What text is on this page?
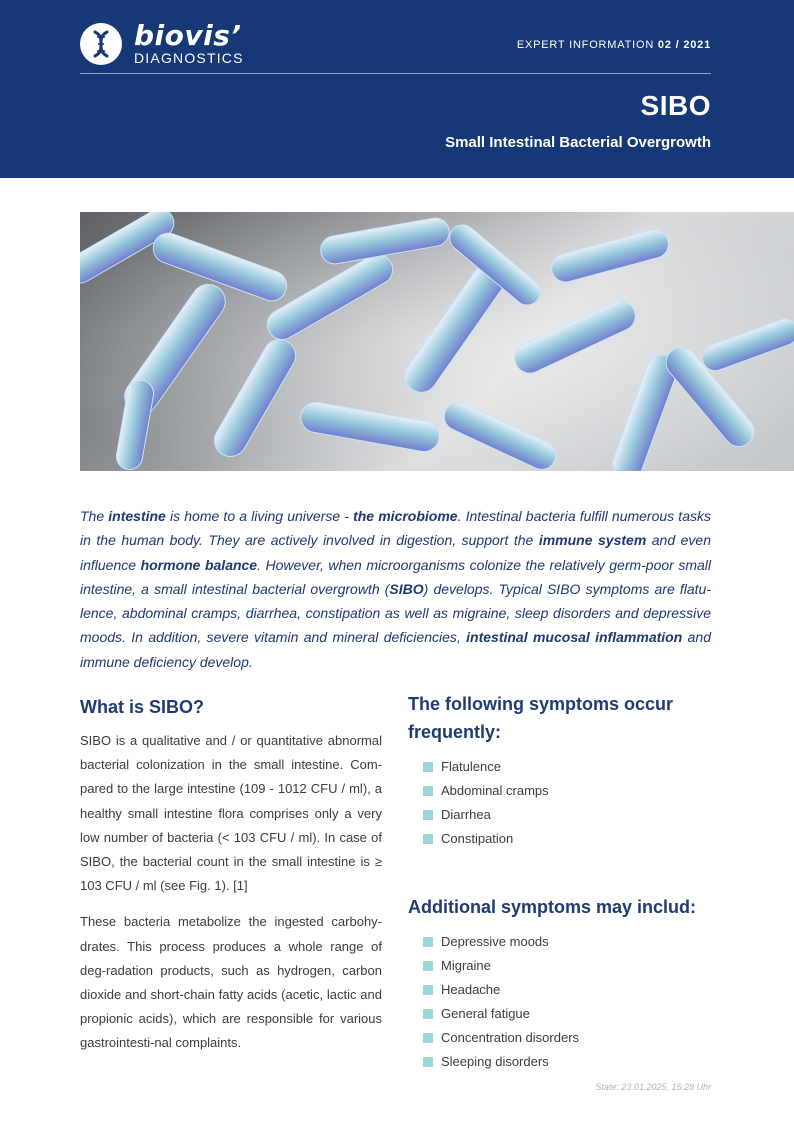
biovis’
DIAGNOSTICS
EXPERT INFORMATION 02 / 2021
SIBO
Small Intestinal Bacterial Overgrowth

The intestine is home to a living universe - the microbiome. Intestinal bacteria fulfill numerous tasks in the human body. They are actively involved in digestion, support the immune system and even influence hormone balance. However, when microorganisms colonize the relatively germ-poor small intestine, a small intestinal bacterial overgrowth (SIBO) develops. Typical SIBO symptoms are flatu-lence, abdominal cramps, diarrhea, constipation as well as migraine, sleep disorders and depressive moods. In addition, severe vitamin and mineral deficiencies, intestinal mucosal inflammation and immune deficiency develop.

What is SIBO?

SIBO is a qualitative and / or quantitative abnormal bacterial colonization in the small intestine. Com-pared to the large intestine (109 - 1012 CFU / ml), a healthy small intestine flora comprises only a very low number of bacteria (< 103 CFU / ml). In case of SIBO, the bacterial count in the small intestine is ≥ 103 CFU / ml (see Fig. 1). [1]

These bacteria metabolize the ingested carbohy-drates. This process produces a whole range of deg-radation products, such as hydrogen, carbon dioxide and short-chain fatty acids (acetic, lactic and propionic acids), which are responsible for various gastrointesti-nal complaints.

The following symptoms occur frequently:
Flatulence
Abdominal cramps
Diarrhea
Constipation
Additional symptoms may includ:
Depressive moods
Migraine
Headache
General fatigue
Concentration disorders
Sleeping disorders
State: 23.01.2025, 15:28 Uhr
